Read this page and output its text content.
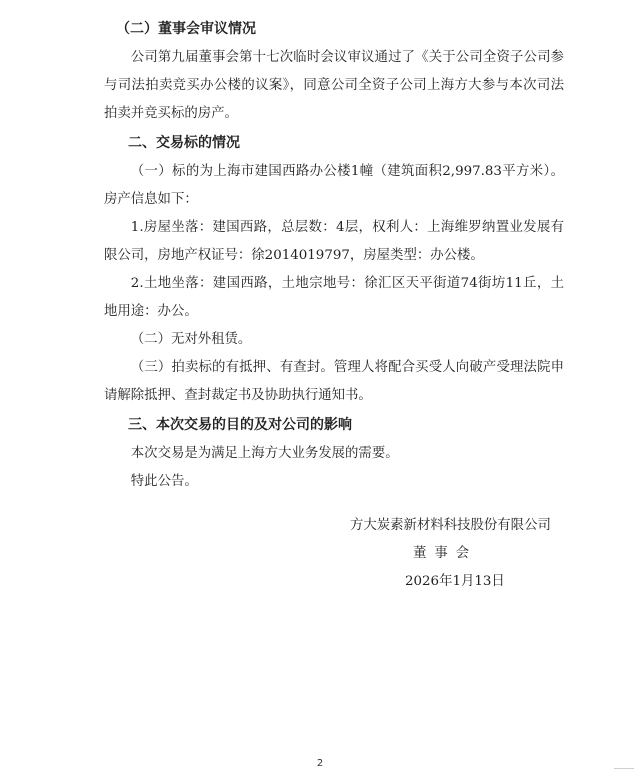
（二）董事会审议情况

公司第九届董事会第十七次临时会议审议通过了《关于公司全资子公司参与司法拍卖竞买办公楼的议案》，同意公司全资子公司上海方大参与本次司法拍卖并竞买标的房产。

二、交易标的情况

（一）标的为上海市建国西路办公楼1幢（建筑面积2,997.83平方米）。房产信息如下：

1.房屋坐落：建国西路，总层数：4层，权利人：上海维罗纳置业发展有限公司，房地产权证号：徐2014019797，房屋类型：办公楼。

2.土地坐落：建国西路，土地宗地号：徐汇区天平街道74街坊11丘，土地用途：办公。

（二）无对外租赁。

（三）拍卖标的有抵押、有查封。管理人将配合买受人向破产受理法院申请解除抵押、查封裁定书及协助执行通知书。

三、本次交易的目的及对公司的影响

本次交易是为满足上海方大业务发展的需要。

特此公告。

方大炭素新材料科技股份有限公司
董事会
2026年1月13日
2
